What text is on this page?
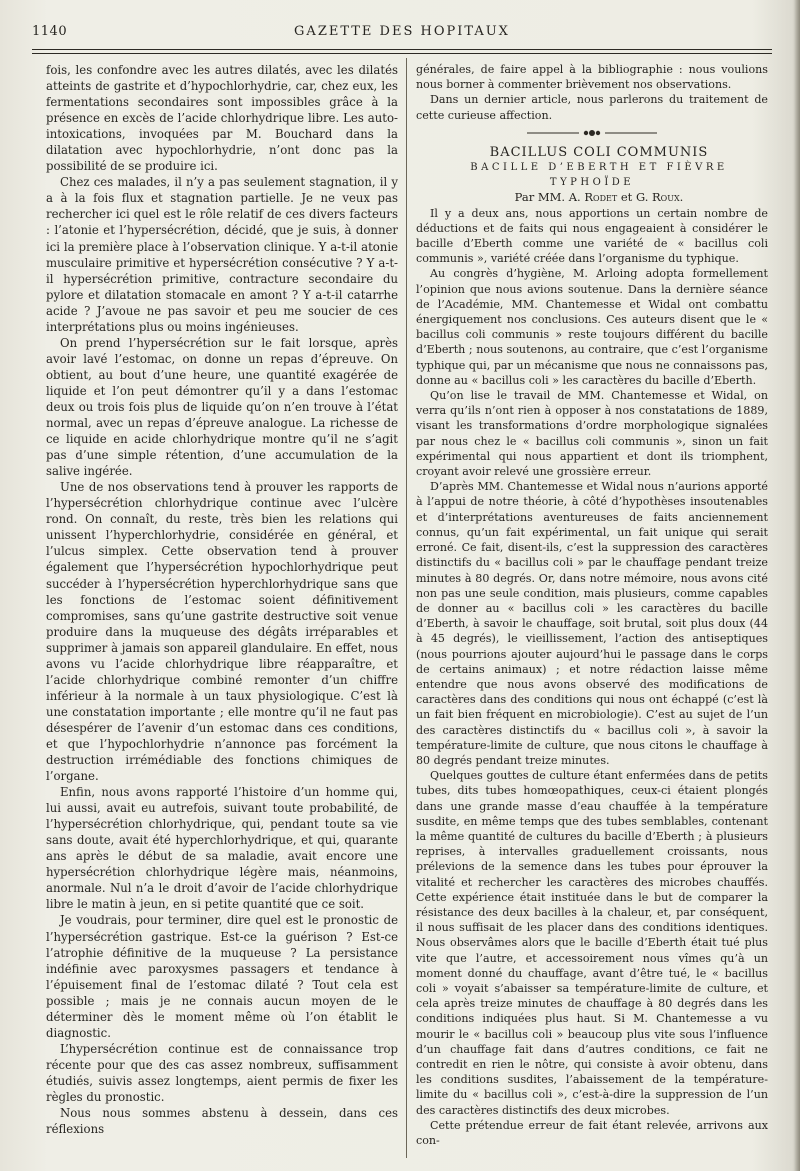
1140	GAZETTE DES HOPITAUX

fois, les confondre avec les autres dilatés, avec les dilatés atteints de gastrite et d’hypochlorhydrie, car, chez eux, les fermentations secondaires sont impossibles grâce à la présence en excès de l’acide chlorhydrique libre. Les auto-intoxications, invoquées par M. Bouchard dans la dilatation avec hypochlorhydrie, n’ont donc pas la possibilité de se produire ici.

Chez ces malades, il n’y a pas seulement stagnation, il y a à la fois flux et stagnation partielle. Je ne veux pas rechercher ici quel est le rôle relatif de ces divers facteurs : l’atonie et l’hypersécrétion, décidé, que je suis, à donner ici la première place à l’observation clinique. Y a-t-il atonie musculaire primitive et hypersécrétion consécutive ? Y a-t-il hypersécrétion primitive, contracture secondaire du pylore et dilatation stomacale en amont ? Y a-t-il catarrhe acide ? J’avoue ne pas savoir et peu me soucier de ces interprétations plus ou moins ingénieuses.

On prend l’hypersécrétion sur le fait lorsque, après avoir lavé l’estomac, on donne un repas d’épreuve. On obtient, au bout d’une heure, une quantité exagérée de liquide et l’on peut démontrer qu’il y a dans l’estomac deux ou trois fois plus de liquide qu’on n’en trouve à l’état normal, avec un repas d’épreuve analogue. La richesse de ce liquide en acide chlorhydrique montre qu’il ne s’agit pas d’une simple rétention, d’une accumulation de la salive ingérée.

Une de nos observations tend à prouver les rapports de l’hypersécrétion chlorhydrique continue avec l’ulcère rond. On connaît, du reste, très bien les relations qui unissent l’hyperchlorhydrie, considérée en général, et l’ulcus simplex. Cette observation tend à prouver également que l’hypersécrétion hypochlorhydrique peut succéder à l’hypersécrétion hyperchlorhydrique sans que les fonctions de l’estomac soient définitivement compromises, sans qu’une gastrite destructive soit venue produire dans la muqueuse des dégâts irréparables et supprimer à jamais son appareil glandulaire. En effet, nous avons vu l’acide chlorhydrique libre réapparaître, et l’acide chlorhydrique combiné remonter d’un chiffre inférieur à la normale à un taux physiologique. C’est là une constatation importante ; elle montre qu’il ne faut pas désespérer de l’avenir d’un estomac dans ces conditions, et que l’hypochlorhydrie n’annonce pas forcément la destruction irrémédiable des fonctions chimiques de l’organe.

Enfin, nous avons rapporté l’histoire d’un homme qui, lui aussi, avait eu autrefois, suivant toute probabilité, de l’hypersécrétion chlorhydrique, qui, pendant toute sa vie sans doute, avait été hyperchlorhydrique, et qui, quarante ans après le début de sa maladie, avait encore une hypersécrétion chlorhydrique légère mais, néanmoins, anormale. Nul n’a le droit d’avoir de l’acide chlorhydrique libre le matin à jeun, en si petite quantité que ce soit.

Je voudrais, pour terminer, dire quel est le pronostic de l’hypersécrétion gastrique. Est-ce la guérison ? Est-ce l’atrophie définitive de la muqueuse ? La persistance indéfinie avec paroxysmes passagers et tendance à l’épuisement final de l’estomac dilaté ? Tout cela est possible ; mais je ne connais aucun moyen de le déterminer dès le moment même où l’on établit le diagnostic.

L’hypersécrétion continue est de connaissance trop récente pour que des cas assez nombreux, suffisamment étudiés, suivis assez longtemps, aient permis de fixer les règles du pronostic.

Nous nous sommes abstenu à dessein, dans ces réflexions

générales, de faire appel à la bibliographie : nous voulions nous borner à commenter brièvement nos observations.

Dans un dernier article, nous parlerons du traitement de cette curieuse affection.

BACILLUS COLI COMMUNIS

BACILLE D’EBERTH ET FIÈVRE TYPHOÏDE

Par MM. A. Rodet et G. Roux.

Il y a deux ans, nous apportions un certain nombre de déductions et de faits qui nous engageaient à considérer le bacille d’Eberth comme une variété de « bacillus coli communis », variété créée dans l’organisme du typhique.

Au congrès d’hygiène, M. Arloing adopta formellement l’opinion que nous avions soutenue. Dans la dernière séance de l’Académie, MM. Chantemesse et Widal ont combattu énergiquement nos conclusions. Ces auteurs disent que le « bacillus coli communis » reste toujours différent du bacille d’Eberth ; nous soutenons, au contraire, que c’est l’organisme typhique qui, par un mécanisme que nous ne connaissons pas, donne au « bacillus coli » les caractères du bacille d’Eberth.

Qu’on lise le travail de MM. Chantemesse et Widal, on verra qu’ils n’ont rien à opposer à nos constatations de 1889, visant les transformations d’ordre morphologique signalées par nous chez le « bacillus coli communis », sinon un fait expérimental qui nous appartient et dont ils triomphent, croyant avoir relevé une grossière erreur.

D’après MM. Chantemesse et Widal nous n’aurions apporté à l’appui de notre théorie, à côté d’hypothèses insoutenables et d’interprétations aventureuses de faits anciennement connus, qu’un fait expérimental, un fait unique qui serait erroné. Ce fait, disent-ils, c’est la suppression des caractères distinctifs du « bacillus coli » par le chauffage pendant treize minutes à 80 degrés. Or, dans notre mémoire, nous avons cité non pas une seule condition, mais plusieurs, comme capables de donner au « bacillus coli » les caractères du bacille d’Eberth, à savoir le chauffage, soit brutal, soit plus doux (44 à 45 degrés), le vieillissement, l’action des antiseptiques (nous pourrions ajouter aujourd’hui le passage dans le corps de certains animaux) ; et notre rédaction laisse même entendre que nous avons observé des modifications de caractères dans des conditions qui nous ont échappé (c’est là un fait bien fréquent en microbiologie). C’est au sujet de l’un des caractères distinctifs du « bacillus coli », à savoir la température-limite de culture, que nous citons le chauffage à 80 degrés pendant treize minutes.

Quelques gouttes de culture étant enfermées dans de petits tubes, dits tubes homœopathiques, ceux-ci étaient plongés dans une grande masse d’eau chauffée à la température susdite, en même temps que des tubes semblables, contenant la même quantité de cultures du bacille d’Eberth ; à plusieurs reprises, à intervalles graduellement croissants, nous prélevions de la semence dans les tubes pour éprouver la vitalité et rechercher les caractères des microbes chauffés. Cette expérience était instituée dans le but de comparer la résistance des deux bacilles à la chaleur, et, par conséquent, il nous suffisait de les placer dans des conditions identiques. Nous observâmes alors que le bacille d’Eberth était tué plus vite que l’autre, et accessoirement nous vîmes qu’à un moment donné du chauffage, avant d’être tué, le « bacillus coli » voyait s’abaisser sa température-limite de culture, et cela après treize minutes de chauffage à 80 degrés dans les conditions indiquées plus haut. Si M. Chantemesse a vu mourir le « bacillus coli » beaucoup plus vite sous l’influence d’un chauffage fait dans d’autres conditions, ce fait ne contredit en rien le nôtre, qui consiste à avoir obtenu, dans les conditions susdites, l’abaissement de la température-limite du « bacillus coli », c’est-à-dire la suppression de l’un des caractères distinctifs des deux microbes.

Cette prétendue erreur de fait étant relevée, arrivons aux con-
